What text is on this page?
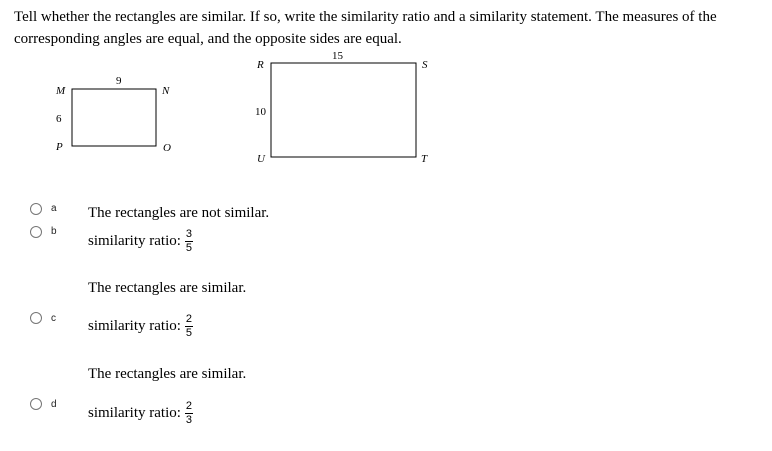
Tell whether the rectangles are similar. If so, write the similarity ratio and a similarity statement. The measures of the corresponding angles are equal, and the opposite sides are equal.
9
6
M	N
O
P
15
10
R	S
T
U
a The rectangles are not similar.
b
similarity ratio: $\frac{3}{5}$
The rectangles are similar.
c similarity ratio: $\frac{2}{5}$
The rectangles are similar.
d
similarity ratio: $\frac{2}{3}$
